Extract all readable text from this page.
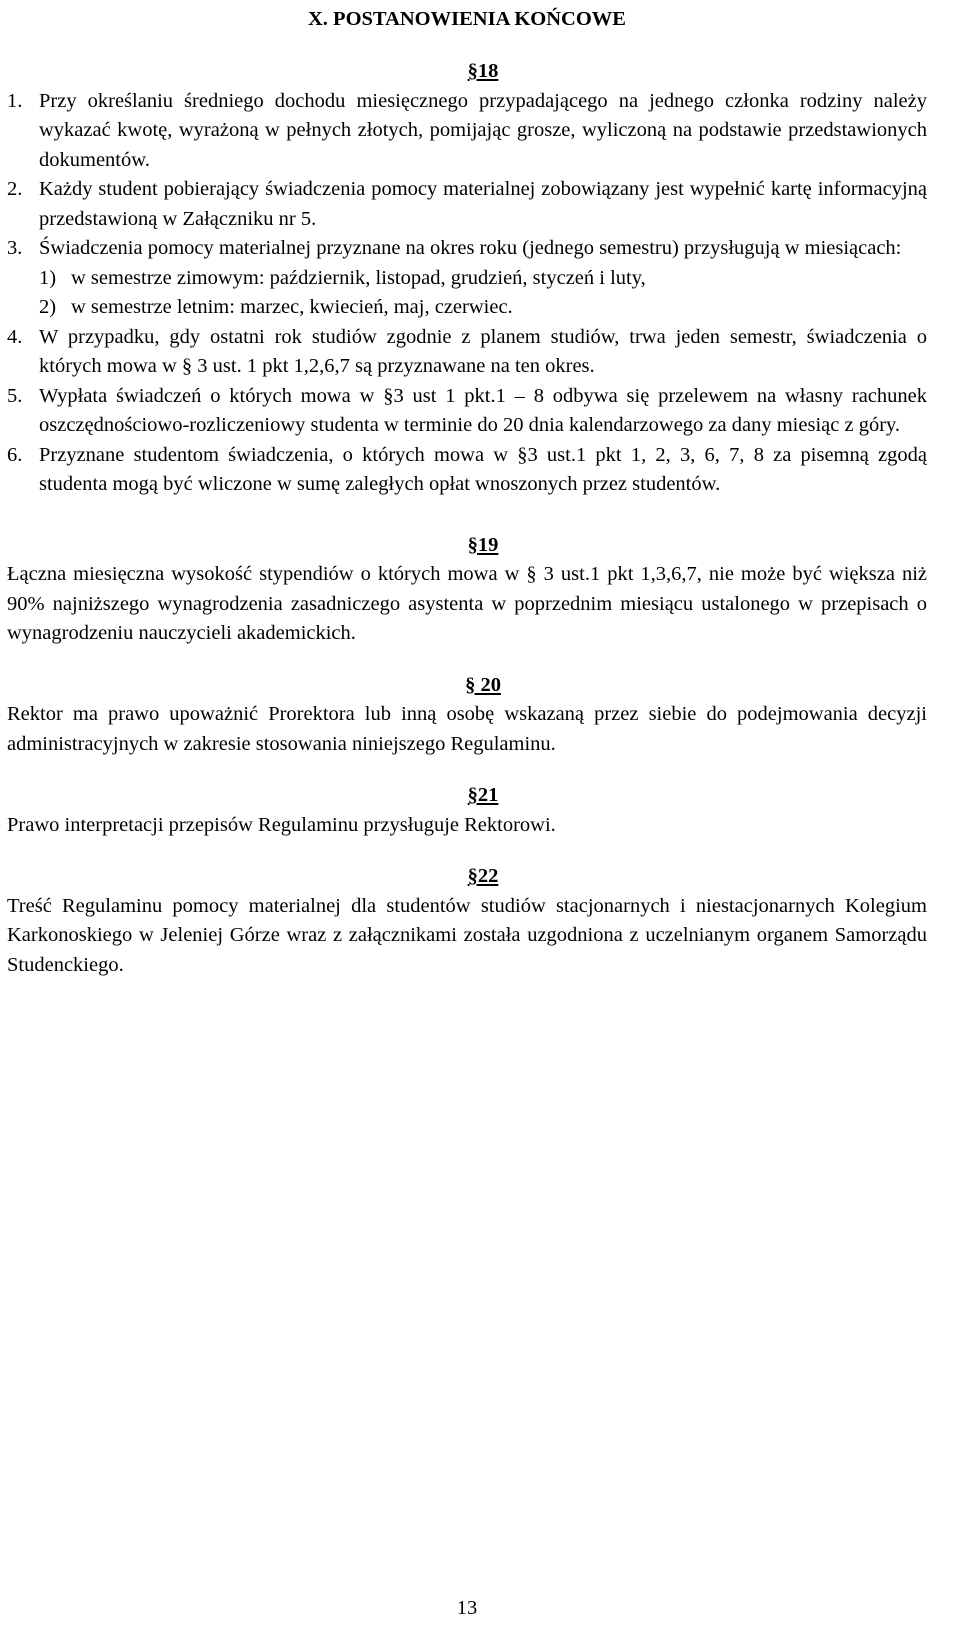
X. POSTANOWIENIA KOŃCOWE
§18
1. Przy określaniu średniego dochodu miesięcznego przypadającego na jednego członka rodziny należy wykazać kwotę, wyrażoną w pełnych złotych, pomijając grosze, wyliczoną na podstawie przedstawionych dokumentów.
2. Każdy student pobierający świadczenia pomocy materialnej zobowiązany jest wypełnić kartę informacyjną przedstawioną w Załączniku nr 5.
3. Świadczenia pomocy materialnej przyznane na okres roku (jednego semestru) przysługują w miesiącach:
1) w semestrze zimowym: październik, listopad, grudzień, styczeń i luty,
2) w semestrze letnim: marzec, kwiecień, maj, czerwiec.
4. W przypadku, gdy ostatni rok studiów zgodnie z planem studiów, trwa jeden semestr, świadczenia o których mowa w § 3 ust. 1 pkt 1,2,6,7 są przyznawane na ten okres.
5. Wypłata świadczeń o których mowa w §3 ust 1 pkt.1 – 8 odbywa się przelewem na własny rachunek oszczędnościowo-rozliczeniowy studenta w terminie do 20 dnia kalendarzowego za dany miesiąc z góry.
6. Przyznane studentom świadczenia, o których mowa w §3 ust.1 pkt 1, 2, 3, 6, 7, 8 za pisemną zgodą studenta mogą być wliczone w sumę zaległych opłat wnoszonych przez studentów.
§19
Łączna miesięczna wysokość stypendiów o których mowa w § 3 ust.1 pkt 1,3,6,7, nie może być większa niż 90% najniższego wynagrodzenia zasadniczego asystenta w poprzednim miesiącu ustalonego w przepisach o wynagrodzeniu nauczycieli akademickich.
§ 20
Rektor ma prawo upoważnić Prorektora lub inną osobę wskazaną przez siebie do podejmowania decyzji administracyjnych w zakresie stosowania niniejszego Regulaminu.
§21
Prawo interpretacji przepisów Regulaminu przysługuje Rektorowi.
§22
Treść Regulaminu pomocy materialnej dla studentów studiów stacjonarnych i niestacjonarnych Kolegium Karkonoskiego w Jeleniej Górze wraz z załącznikami została uzgodniona z uczelnianym organem Samorządu Studenckiego.
13
